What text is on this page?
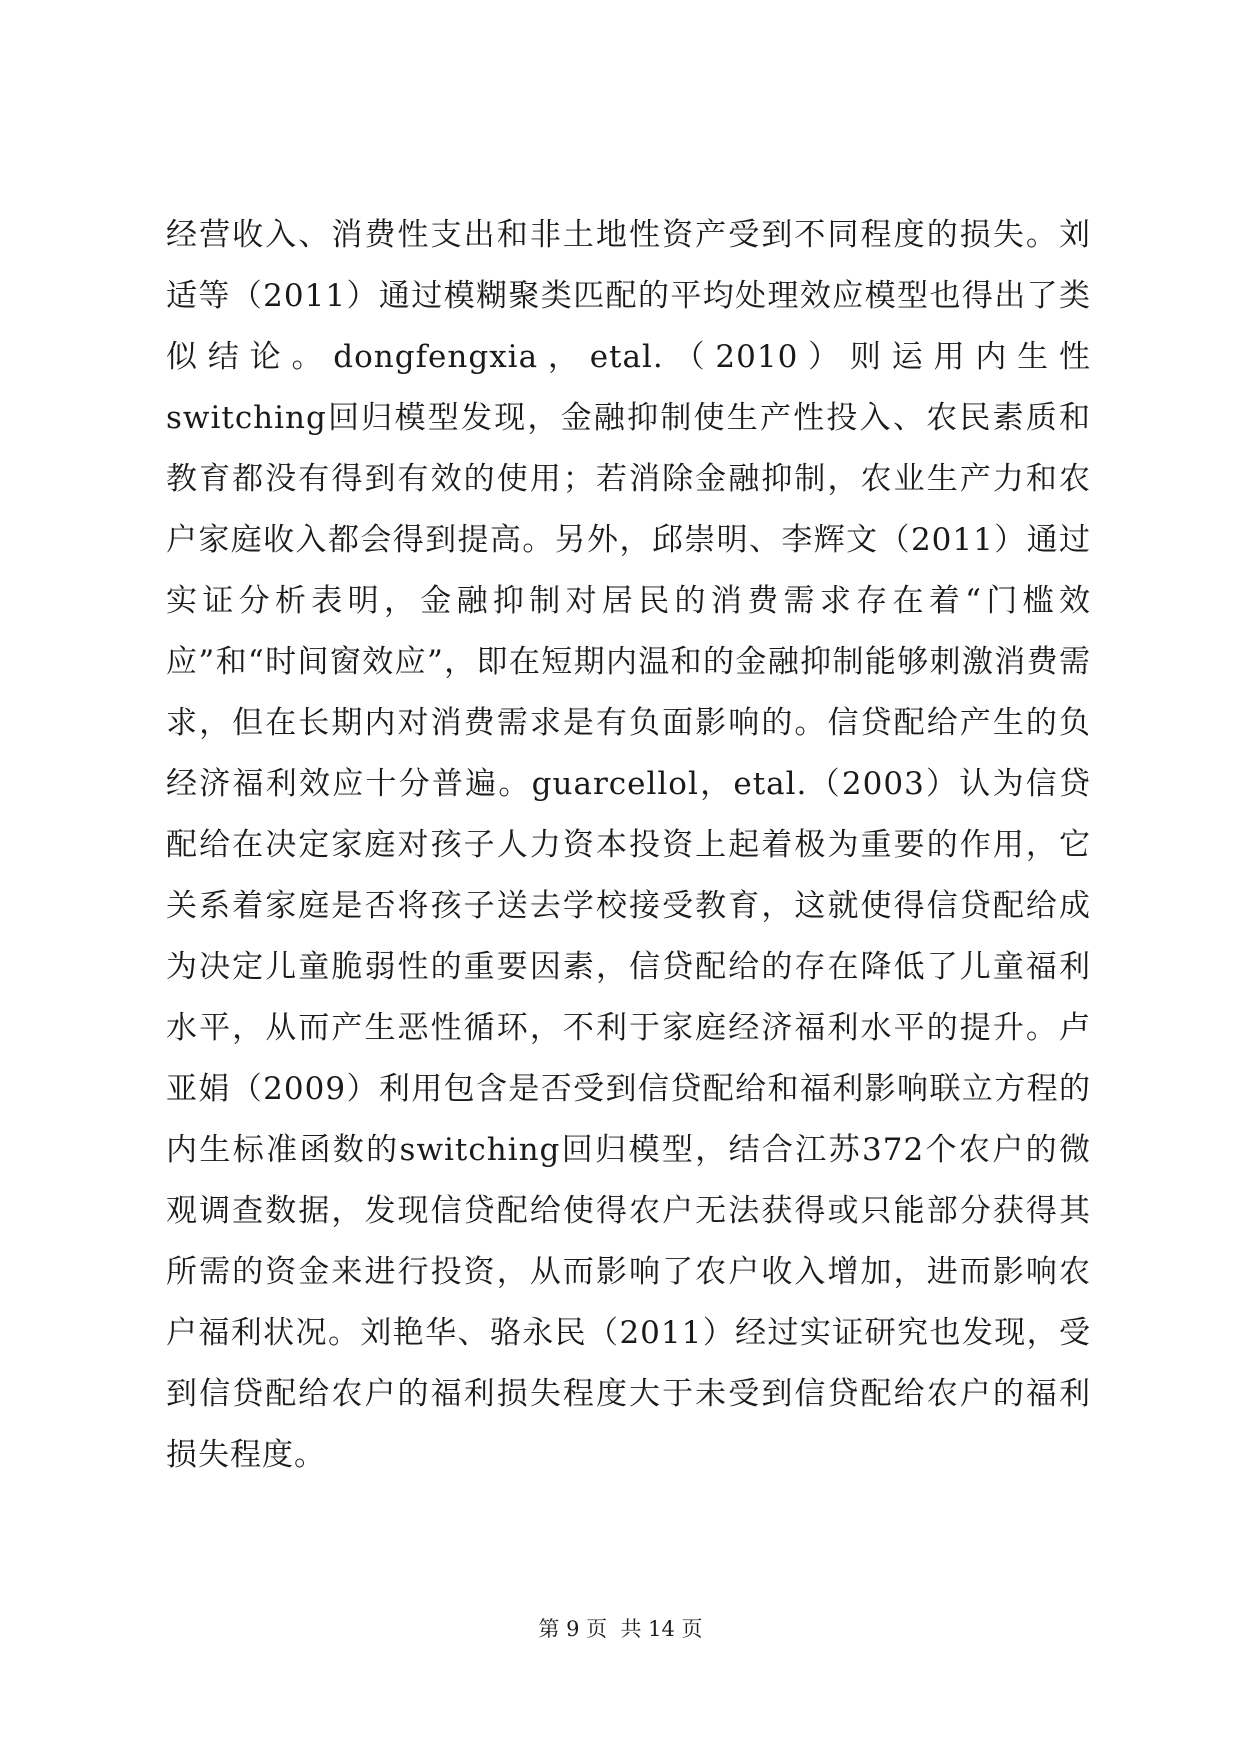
经营收入、消费性支出和非土地性资产受到不同程度的损失。刘适等（2011）通过模糊聚类匹配的平均处理效应模型也得出了类似结论。dongfengxia，etal.（2010）则运用内生性switching回归模型发现，金融抑制使生产性投入、农民素质和教育都没有得到有效的使用；若消除金融抑制，农业生产力和农户家庭收入都会得到提高。另外，邱崇明、李辉文（2011）通过实证分析表明，金融抑制对居民的消费需求存在着“门槛效应”和“时间窗效应”，即在短期内温和的金融抑制能够刺激消费需求，但在长期内对消费需求是有负面影响的。信贷配给产生的负经济福利效应十分普遍。guarcellol，etal.（2003）认为信贷配给在决定家庭对孩子人力资本投资上起着极为重要的作用，它关系着家庭是否将孩子送去学校接受教育，这就使得信贷配给成为决定儿童脆弱性的重要因素，信贷配给的存在降低了儿童福利水平，从而产生恶性循环，不利于家庭经济福利水平的提升。卢亚娟（2009）利用包含是否受到信贷配给和福利影响联立方程的内生标准函数的switching回归模型，结合江苏372个农户的微观调查数据，发现信贷配给使得农户无法获得或只能部分获得其所需的资金来进行投资，从而影响了农户收入增加，进而影响农户福利状况。刘艳华、骆永民（2011）经过实证研究也发现，受到信贷配给农户的福利损失程度大于未受到信贷配给农户的福利损失程度。

第 9 页  共 14 页
